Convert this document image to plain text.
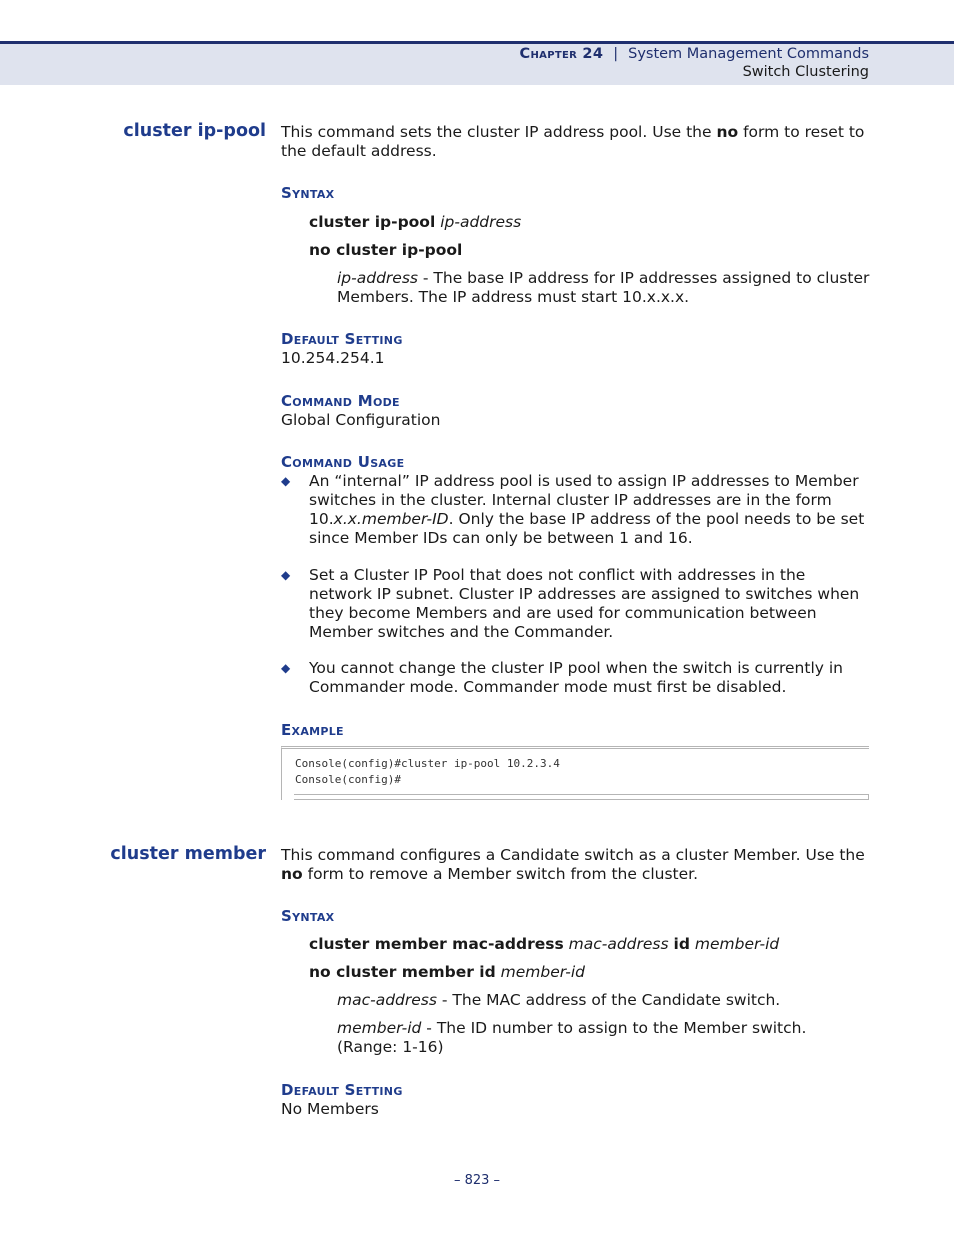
Chapter 24 | System Management Commands
Switch Clustering
cluster ip-pool This command sets the cluster IP address pool. Use the no form to reset to the default address.
Syntax
cluster ip-pool ip-address
no cluster ip-pool
ip-address - The base IP address for IP addresses assigned to cluster Members. The IP address must start 10.x.x.x.
Default Setting
10.254.254.1
Command Mode
Global Configuration
Command Usage
◆ An “internal” IP address pool is used to assign IP addresses to Member switches in the cluster. Internal cluster IP addresses are in the form 10.x.x.member-ID. Only the base IP address of the pool needs to be set since Member IDs can only be between 1 and 16.
◆ Set a Cluster IP Pool that does not conflict with addresses in the network IP subnet. Cluster IP addresses are assigned to switches when they become Members and are used for communication between Member switches and the Commander.
◆ You cannot change the cluster IP pool when the switch is currently in Commander mode. Commander mode must first be disabled.
Example
Console(config)#cluster ip-pool 10.2.3.4
Console(config)#
cluster member This command configures a Candidate switch as a cluster Member. Use the no form to remove a Member switch from the cluster.
Syntax
cluster member mac-address mac-address id member-id
no cluster member id member-id
mac-address - The MAC address of the Candidate switch.
member-id - The ID number to assign to the Member switch. (Range: 1-16)
Default Setting
No Members
– 823 –
